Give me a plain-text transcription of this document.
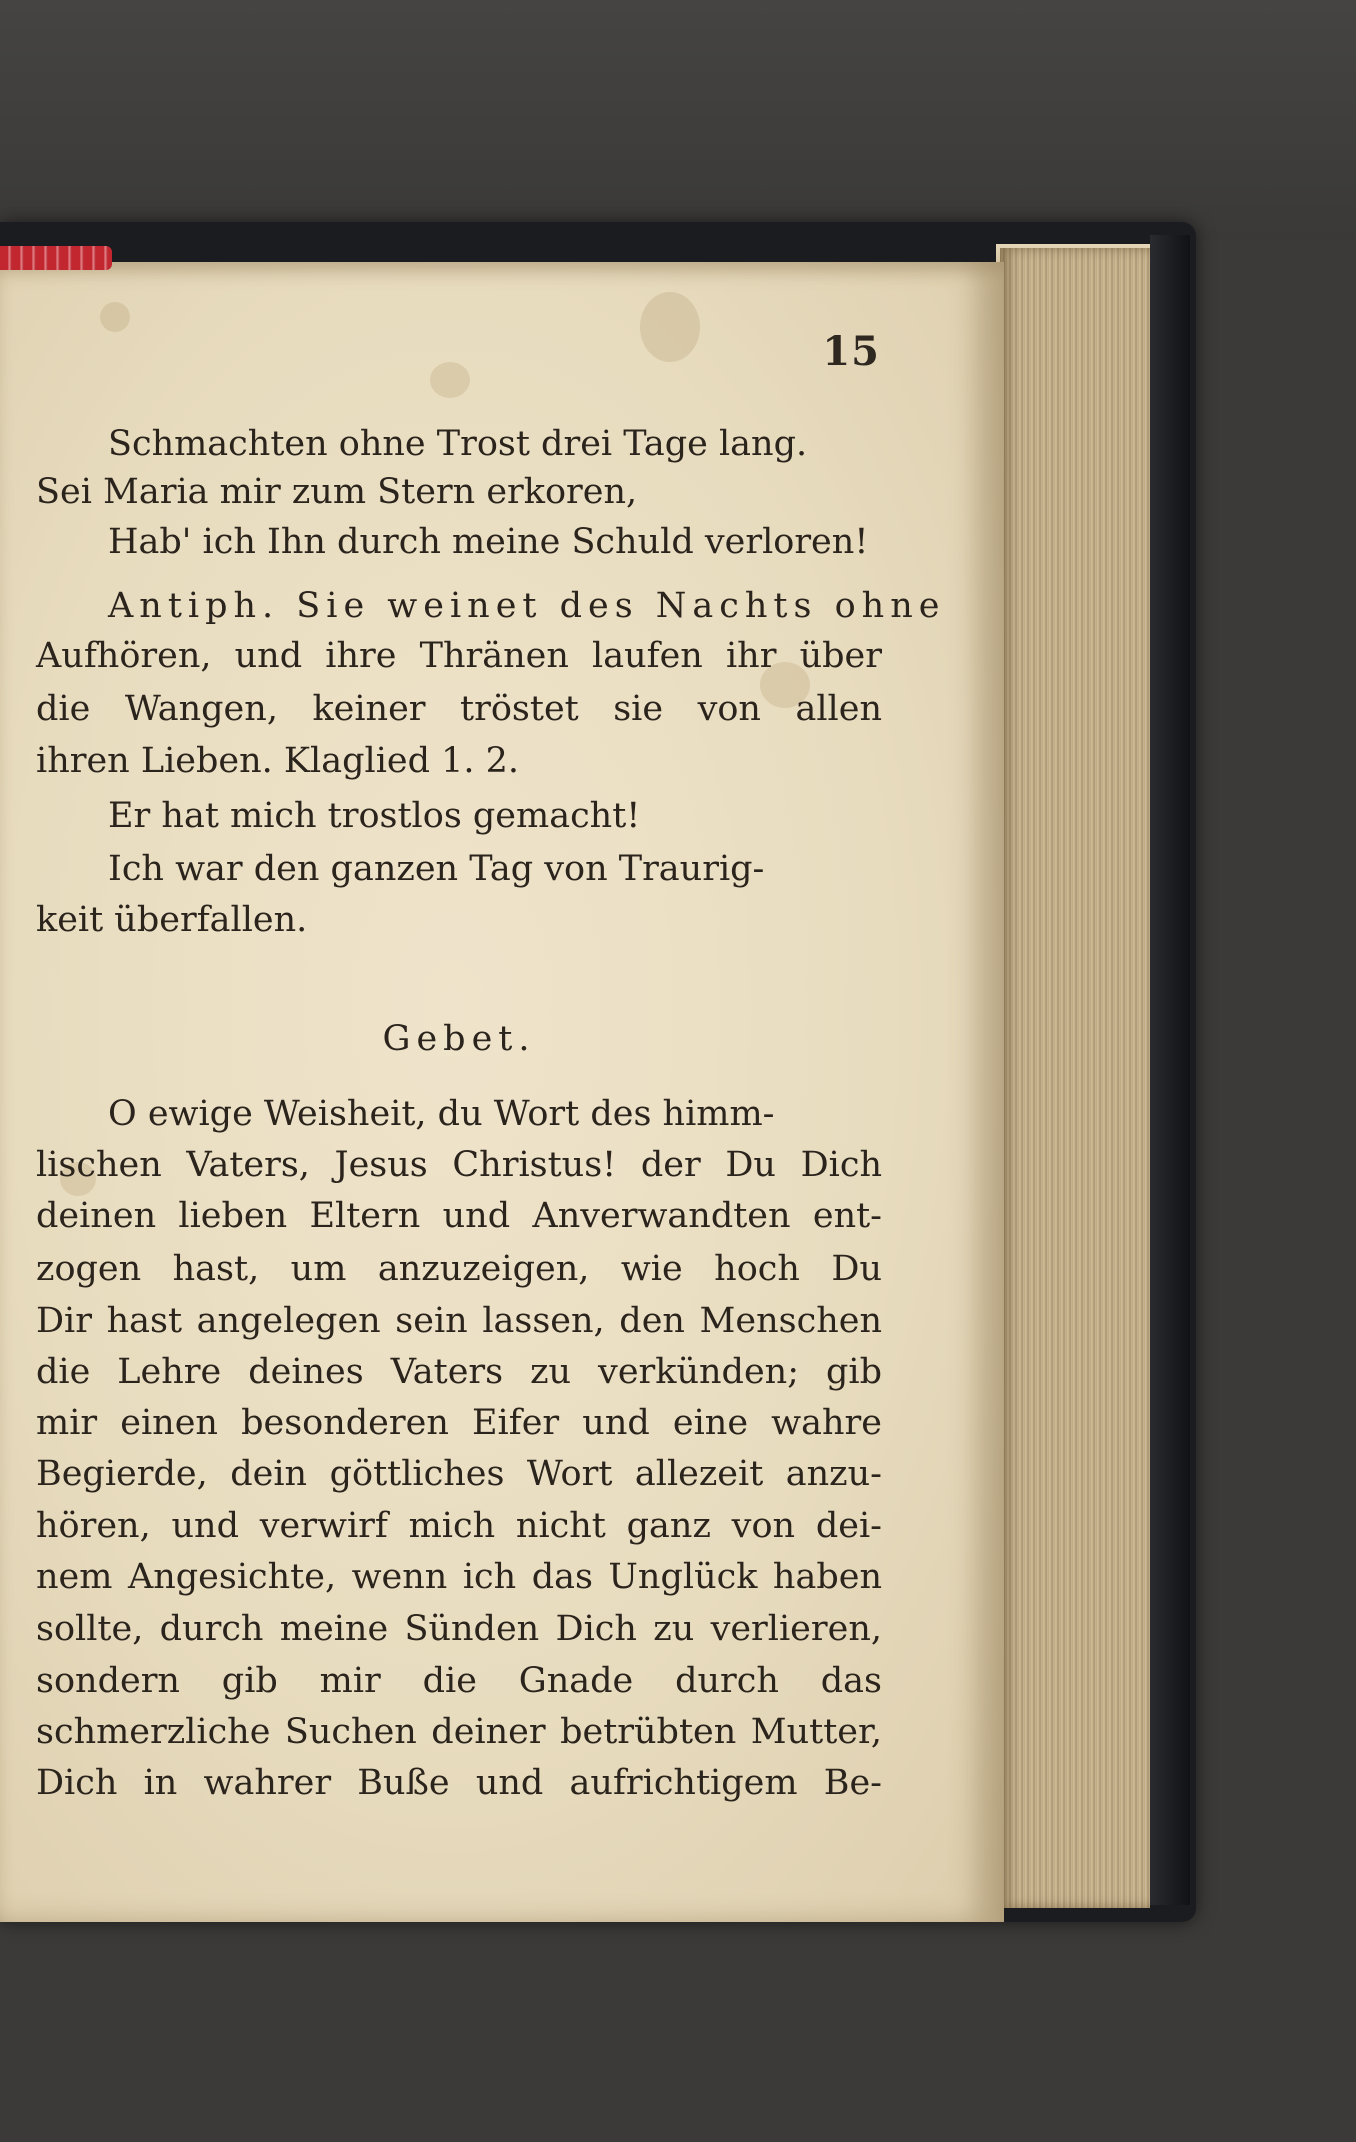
15
Schmachten ohne Trost drei Tage lang.
Sei Maria mir zum Stern erkoren,
Hab' ich Ihn durch meine Schuld verloren!
Antiph. Sie weinet des Nachts ohne
Aufhören, und ihre Thränen laufen ihr über
die Wangen, keiner tröstet sie von allen
ihren Lieben. Klaglied 1. 2.
Er hat mich trostlos gemacht!
Ich war den ganzen Tag von Traurig-
keit überfallen.
Gebet.
O ewige Weisheit, du Wort des himm-
lischen Vaters, Jesus Christus! der Du Dich
deinen lieben Eltern und Anverwandten ent-
zogen hast, um anzuzeigen, wie hoch Du
Dir hast angelegen sein lassen, den Menschen
die Lehre deines Vaters zu verkünden; gib
mir einen besonderen Eifer und eine wahre
Begierde, dein göttliches Wort allezeit anzu-
hören, und verwirf mich nicht ganz von dei-
nem Angesichte, wenn ich das Unglück haben
sollte, durch meine Sünden Dich zu verlieren,
sondern gib mir die Gnade durch das
schmerzliche Suchen deiner betrübten Mutter,
Dich in wahrer Buße und aufrichtigem Be-
